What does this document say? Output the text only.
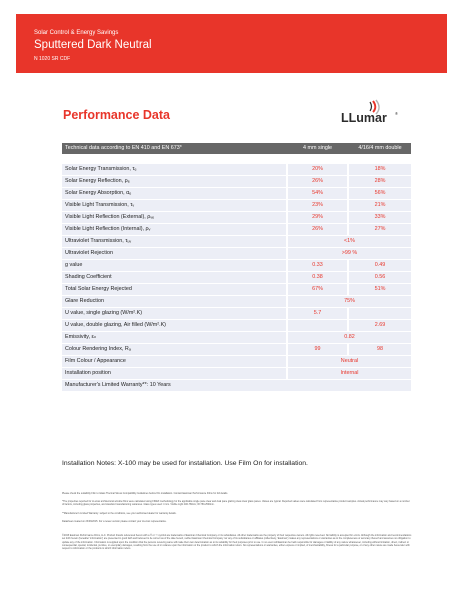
Solar Control & Energy Savings
Sputtered Dark Neutral
N 1020 SR CDF
Performance Data	LLumar ®
Technical data according to EN 410 and EN 673*		4 mm single		4/16/4 mm double

Solar Energy Transmission, τₑ		20%		18%
Solar Energy Reflection, ρₑ		26%		28%
Solar Energy Absorption, αₑ		54%		56%
Visible Light Transmission, τᵥ		23%		21%
Visible Light Reflection (External), ρᵥₑ		29%		33%
Visible Light Reflection (Internal), ρᵥ		26%		27%
Ultraviolet Transmission, τᵤᵥ		<1%		
Ultraviolet Rejection		>99 %		
g value		0.33		0.49
Shading Coefficient		0.38		0.56
Total Solar Energy Rejected		67%		51%
Glare Reduction		75%		
U value, single glazing (W/m².K)		5.7		
U value, double glazing, Air filled (W/m².K)				2.69
Emissivity, εₙ		0.82		
Colour Rendering Index, Rₐ		99		98
Film Colour / Appearance		Neutral		
Installation position		Internal		
Manufacturer's Limited Warranty**: 10 Years				
Installation Notes: X-100 may be used for installation. Use Film On for installation.
Please check the suitability Film to Glass Thermal Stress Compatibility Guidelines before film installation. Contact Eastman Performance Films for full details.
*The properties reported for LLumar architectural window films were calculated using FINEX methodology for the applicable single pane clear and dual pane glazing clear-clear glass panes. Values are typical. Reported values were calculated from representative product samples. Actual performance may vary based on a number of factors, including glass properties, and standard manufacturing variances. Glass types used: 4 mm. Visible Light 400-780nm; IR 780-2500nm.
**Manufacturer's Limited Warranty: subject to the conditions, see your authorised dealer for warranty details.
Datasheet created on 23/03/2015. For a newer version please contact your LLumar representative.
©2015 Eastman Performance Films, LLC. Product brands referenced herein with a ® or ™ symbol are trademarks of Eastman Chemical Company or its subsidiaries. All other trademarks are the property of their respective owners. All rights reserved. No liability is accepted for errors. Although the information and recommendations set forth herein (hereafter 'information') are presented in good faith and believed to be correct as of the date hereof, neither Eastman Chemical Company nor any of its subsidiaries or affiliates (collectively, 'Eastman') makes any representations or warranties as to the completeness or accuracy thereof and assumes no obligation to update any of the information. Information is supplied upon the condition that the persons receiving same will make their own determination as to its suitability for their purposes prior to use. In no event will Eastman be held responsible for damages or liability of any nature whatsoever, including without limitation, direct, indirect or consequential, special, incidental, punitive, or exemplary damages, resulting from the use of or reliance upon the information or the product to which the information refers. No representations or warranties, either express or implied, of merchantability, fitness for a particular purpose, or of any other nature are made hereunder with respect to information or the products to which information refers.
